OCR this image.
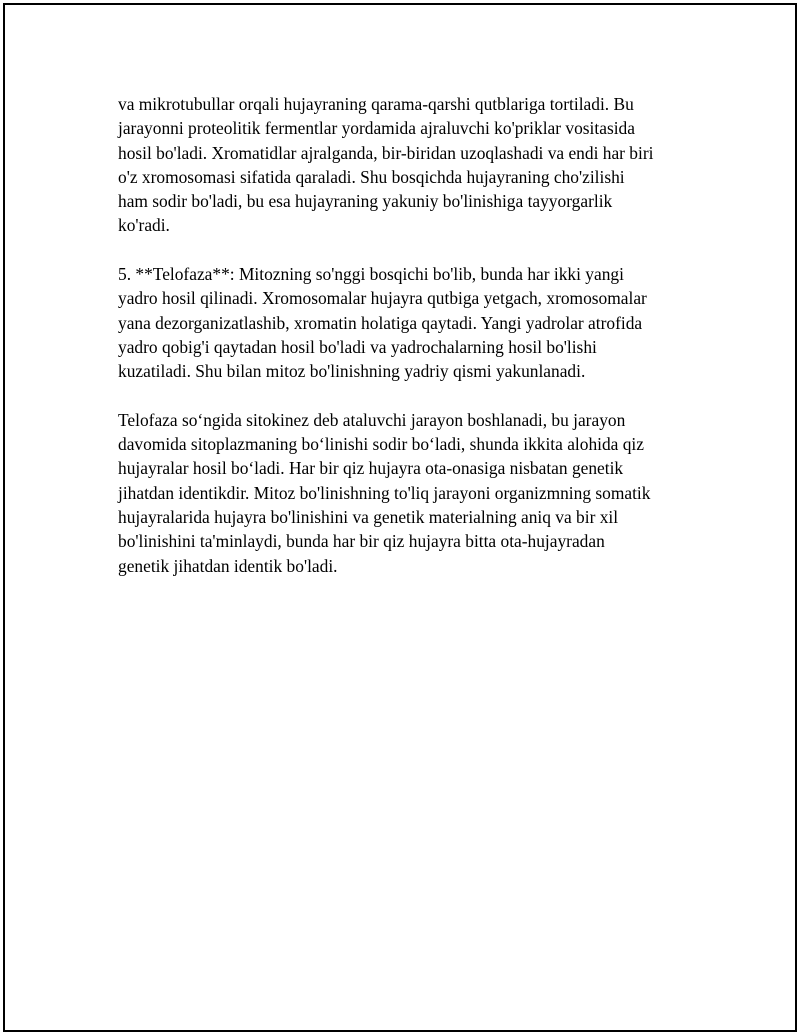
va mikrotubullar orqali hujayraning qarama-qarshi qutblariga tortiladi. Bu
jarayonni proteolitik fermentlar yordamida ajraluvchi ko'priklar vositasida
hosil bo'ladi. Xromatidlar ajralganda, bir-biridan uzoqlashadi va endi har biri
o'z xromosomasi sifatida qaraladi. Shu bosqichda hujayraning cho'zilishi
ham sodir bo'ladi, bu esa hujayraning yakuniy bo'linishiga tayyorgarlik
ko'radi.

5. **Telofaza**: Mitozning so'nggi bosqichi bo'lib, bunda har ikki yangi
yadro hosil qilinadi. Xromosomalar hujayra qutbiga yetgach, xromosomalar
yana dezorganizatlashib, xromatin holatiga qaytadi. Yangi yadrolar atrofida
yadro qobig'i qaytadan hosil bo'ladi va yadrochalarning hosil bo'lishi
kuzatiladi. Shu bilan mitoz bo'linishning yadriy qismi yakunlanadi.

Telofaza so‘ngida sitokinez deb ataluvchi jarayon boshlanadi, bu jarayon
davomida sitoplazmaning bo‘linishi sodir bo‘ladi, shunda ikkita alohida qiz
hujayralar hosil bo‘ladi. Har bir qiz hujayra ota-onasiga nisbatan genetik
jihatdan identikdir. Mitoz bo'linishning to'liq jarayoni organizmning somatik
hujayralarida hujayra bo'linishini va genetik materialning aniq va bir xil
bo'linishini ta'minlaydi, bunda har bir qiz hujayra bitta ota-hujayradan
genetik jihatdan identik bo'ladi.
